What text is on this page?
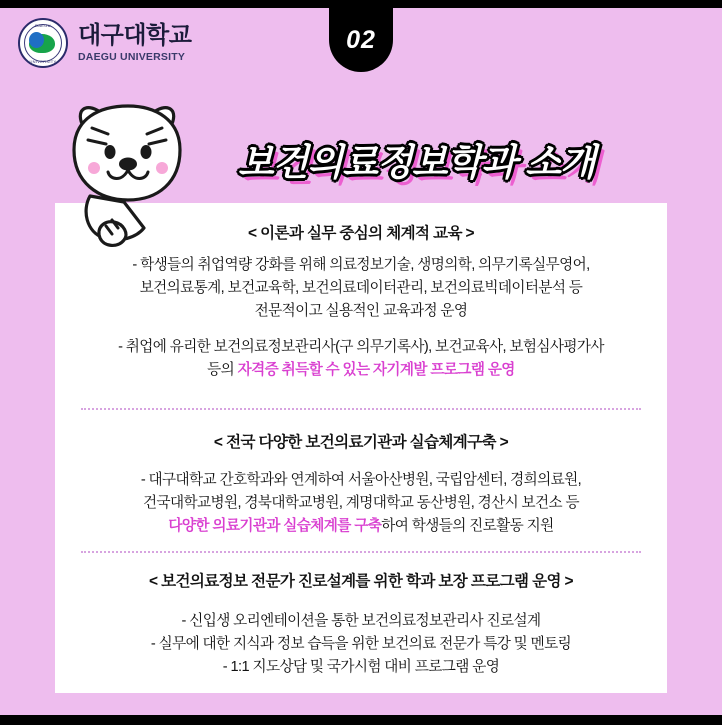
02
DAEGU
UNIVERSITY
대구대학교
DAEGU UNIVERSITY
보건의료정보학과 소개
< 이론과 실무 중심의 체계적 교육 >
- 학생들의 취업역량 강화를 위해 의료정보기술, 생명의학, 의무기록실무영어,
보건의료통계, 보건교육학, 보건의료데이터관리, 보건의료빅데이터분석 등
전문적이고 실용적인 교육과정 운영
- 취업에 유리한 보건의료정보관리사(구 의무기록사), 보건교육사, 보험심사평가사
등의 자격증 취득할 수 있는 자기계발 프로그램 운영
< 전국 다양한 보건의료기관과 실습체계구축 >
- 대구대학교 간호학과와 연계하여 서울아산병원, 국립암센터, 경희의료원,
건국대학교병원, 경북대학교병원, 계명대학교 동산병원, 경산시 보건소 등
다양한 의료기관과 실습체계를 구축하여 학생들의 진로활동 지원
< 보건의료정보 전문가 진로설계를 위한 학과 보장 프로그램 운영 >
- 신입생 오리엔테이션을 통한 보건의료정보관리사 진로설계
- 실무에 대한 지식과 정보 습득을 위한 보건의료 전문가 특강 및 멘토링
- 1:1 지도상담 및 국가시험 대비 프로그램 운영
